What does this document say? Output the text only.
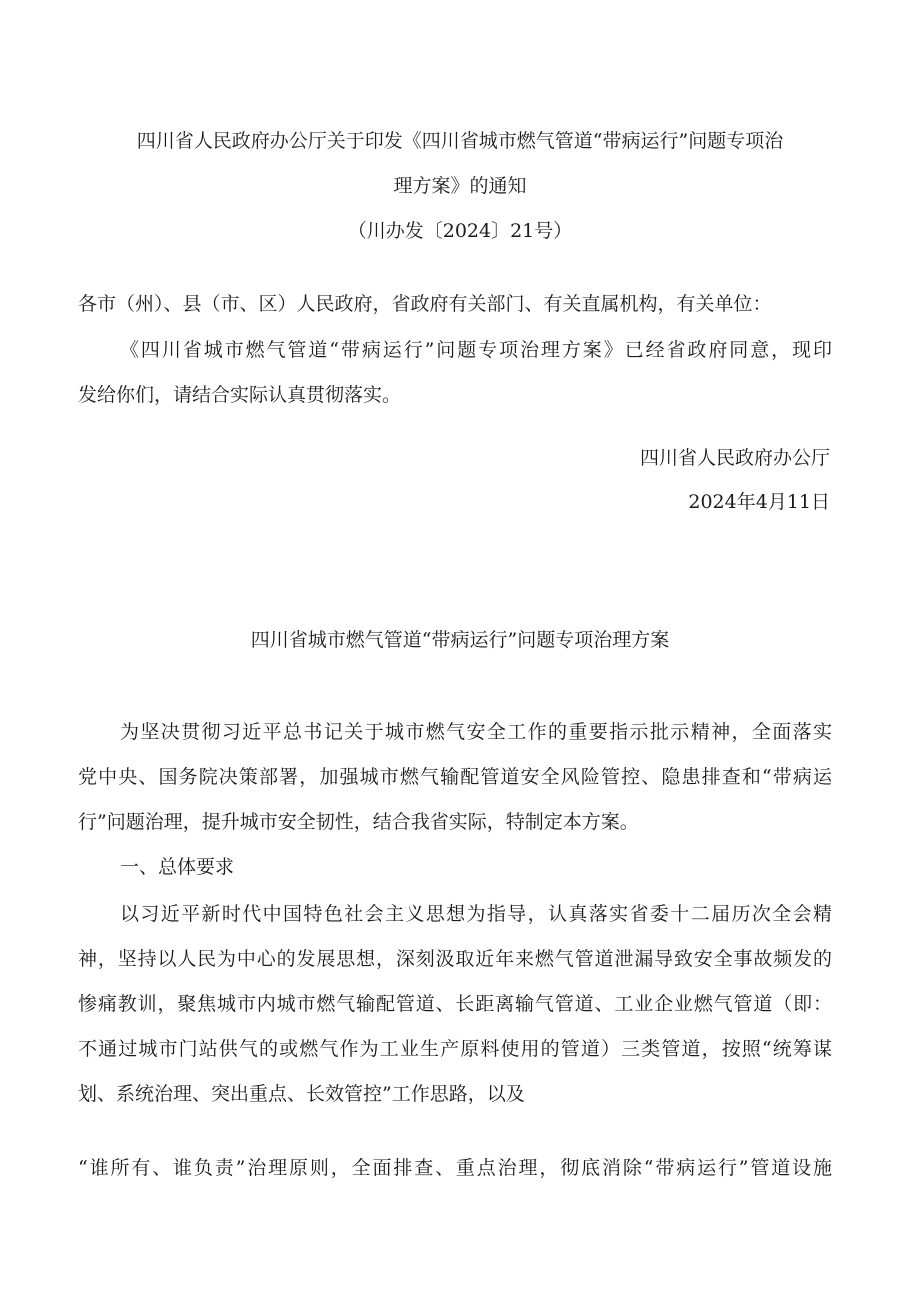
四川省人民政府办公厅关于印发《四川省城市燃气管道“带病运行”问题专项治
理方案》的通知
（川办发〔2024〕21号）
各市（州）、县（市、区）人民政府，省政府有关部门、有关直属机构，有关单位：
《四川省城市燃气管道“带病运行”问题专项治理方案》已经省政府同意，现印
发给你们，请结合实际认真贯彻落实。
四川省人民政府办公厅
2024年4月11日
四川省城市燃气管道“带病运行”问题专项治理方案
为坚决贯彻习近平总书记关于城市燃气安全工作的重要指示批示精神，全面落实
党中央、国务院决策部署，加强城市燃气输配管道安全风险管控、隐患排查和“带病运
行”问题治理，提升城市安全韧性，结合我省实际，特制定本方案。
一、总体要求
以习近平新时代中国特色社会主义思想为指导，认真落实省委十二届历次全会精
神，坚持以人民为中心的发展思想，深刻汲取近年来燃气管道泄漏导致安全事故频发的
惨痛教训，聚焦城市内城市燃气输配管道、长距离输气管道、工业企业燃气管道（即：
不通过城市门站供气的或燃气作为工业生产原料使用的管道）三类管道，按照“统筹谋
划、系统治理、突出重点、长效管控”工作思路，以及
“谁所有、谁负责”治理原则，全面排查、重点治理，彻底消除“带病运行”管道设施
